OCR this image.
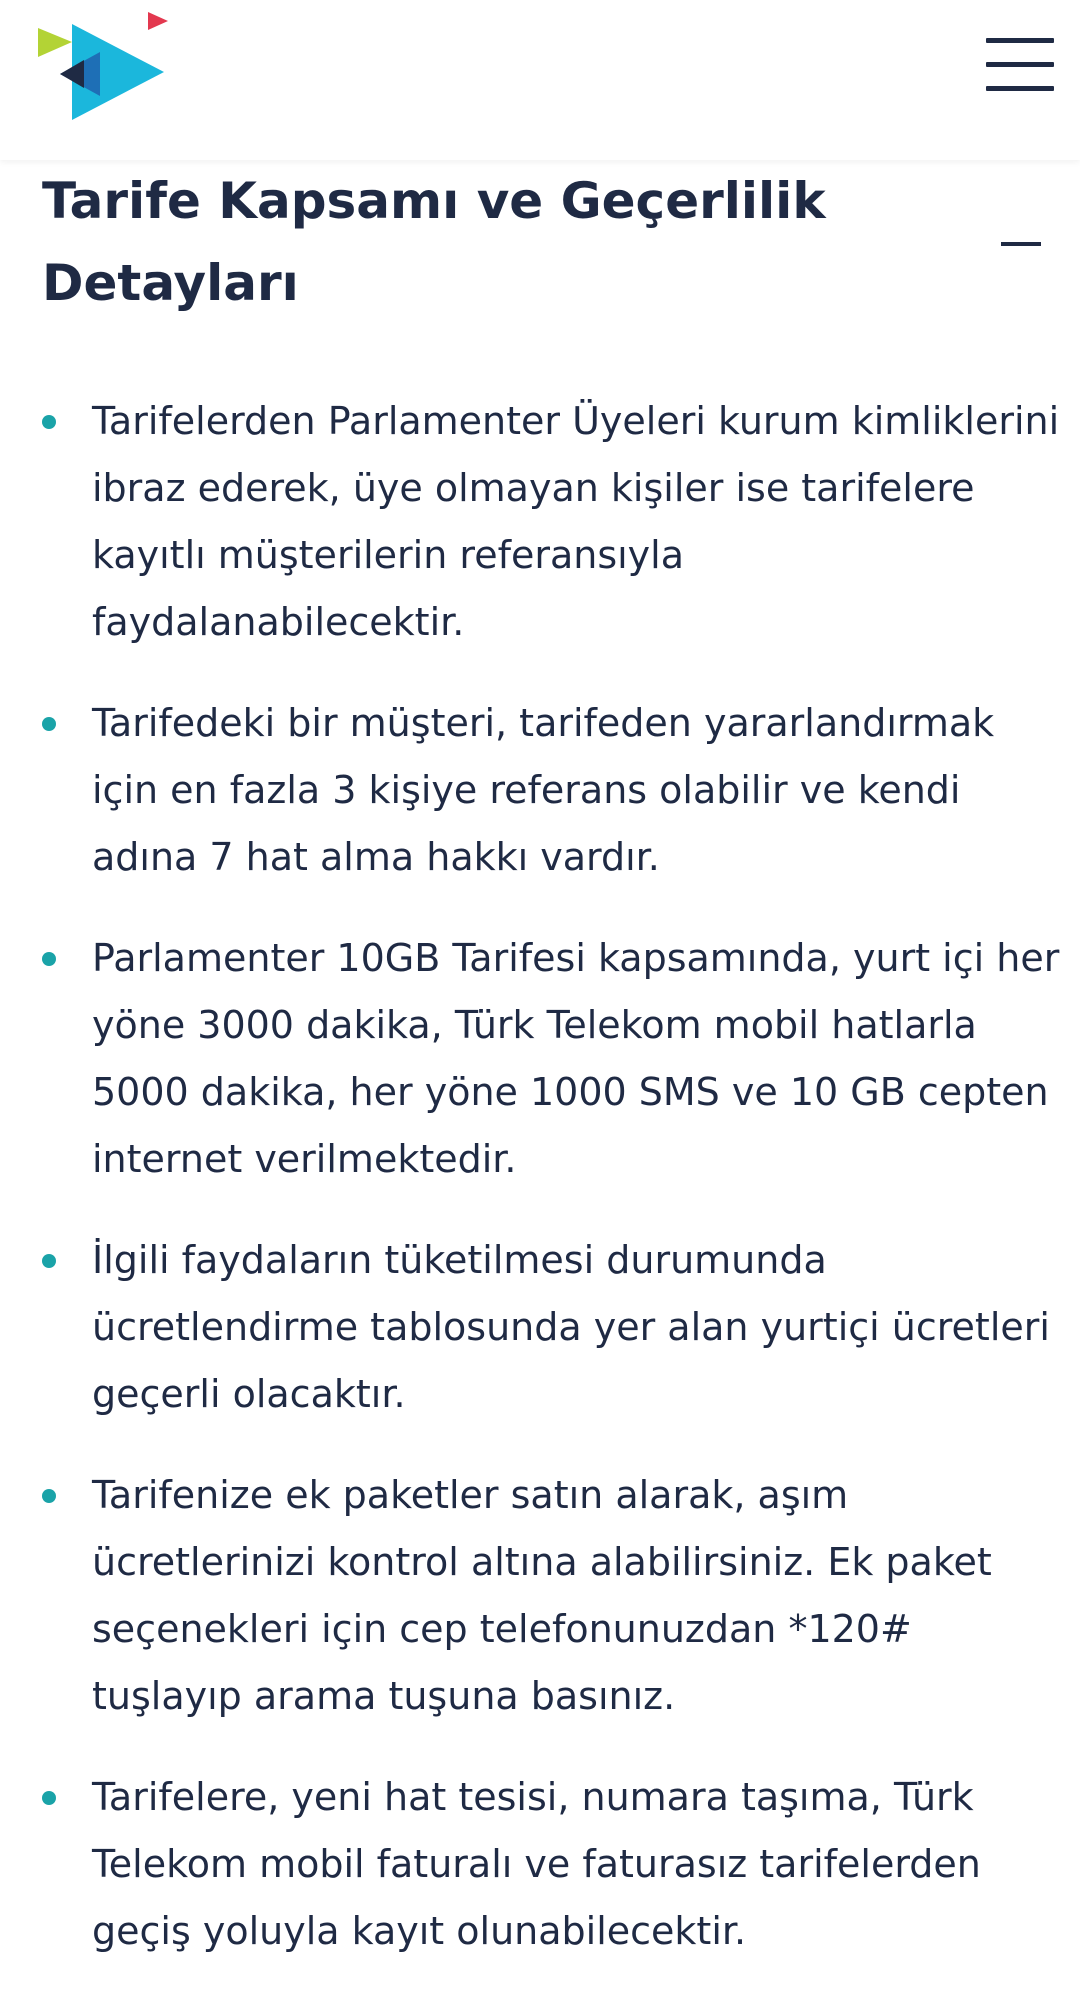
Tarife Kapsamı ve Geçerlilik Detayları
Tarifelerden Parlamenter Üyeleri kurum kimliklerini ibraz ederek, üye olmayan kişiler ise tarifelere kayıtlı müşterilerin referansıyla faydalanabilecektir.
Tarifedeki bir müşteri, tarifeden yararlandırmak için en fazla 3 kişiye referans olabilir ve kendi adına 7 hat alma hakkı vardır.
Parlamenter 10GB Tarifesi kapsamında, yurt içi her yöne 3000 dakika, Türk Telekom mobil hatlarla 5000 dakika, her yöne 1000 SMS ve 10 GB cepten internet verilmektedir.
İlgili faydaların tüketilmesi durumunda ücretlendirme tablosunda yer alan yurtiçi ücretleri geçerli olacaktır.
Tarifenize ek paketler satın alarak, aşım ücretlerinizi kontrol altına alabilirsiniz. Ek paket seçenekleri için cep telefonunuzdan *120# tuşlayıp arama tuşuna basınız.
Tarifelere, yeni hat tesisi, numara taşıma, Türk Telekom mobil faturalı ve faturasız tarifelerden geçiş yoluyla kayıt olunabilecektir.
